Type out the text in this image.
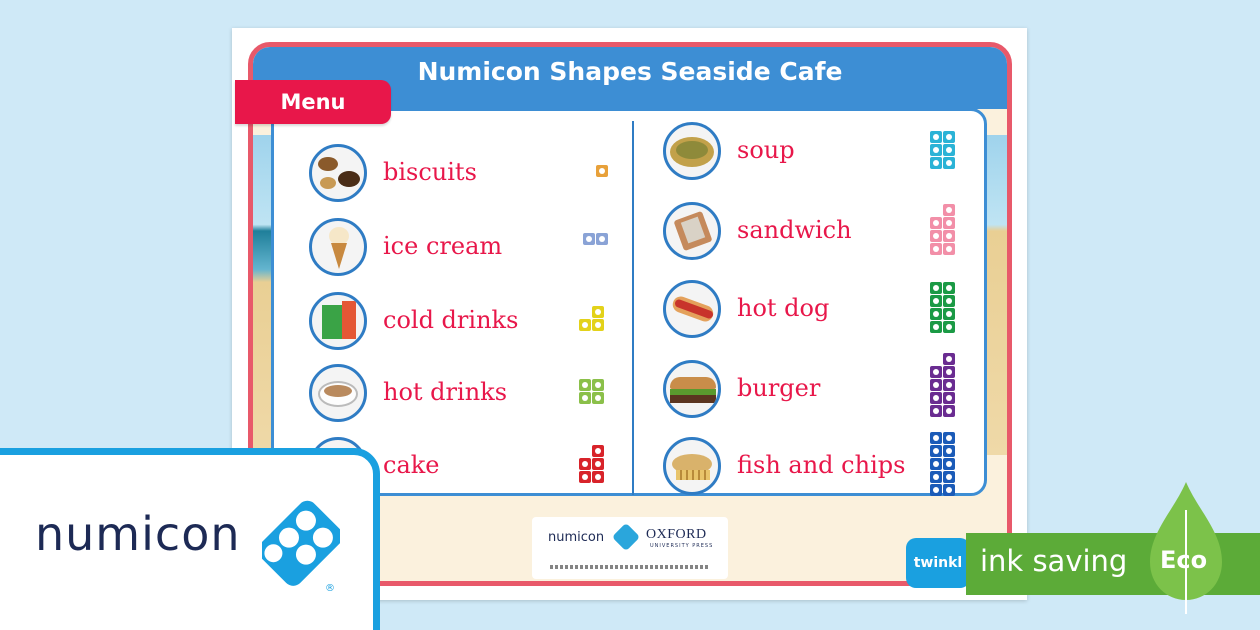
Numicon Shapes Seaside Cafe
Menu
biscuits
ice cream
cold drinks
hot drinks
cake
soup
sandwich
hot dog
burger
fish and chips
numicon	OXFORD
UNIVERSITY PRESS
numicon
®
twinkl ink saving Eco
